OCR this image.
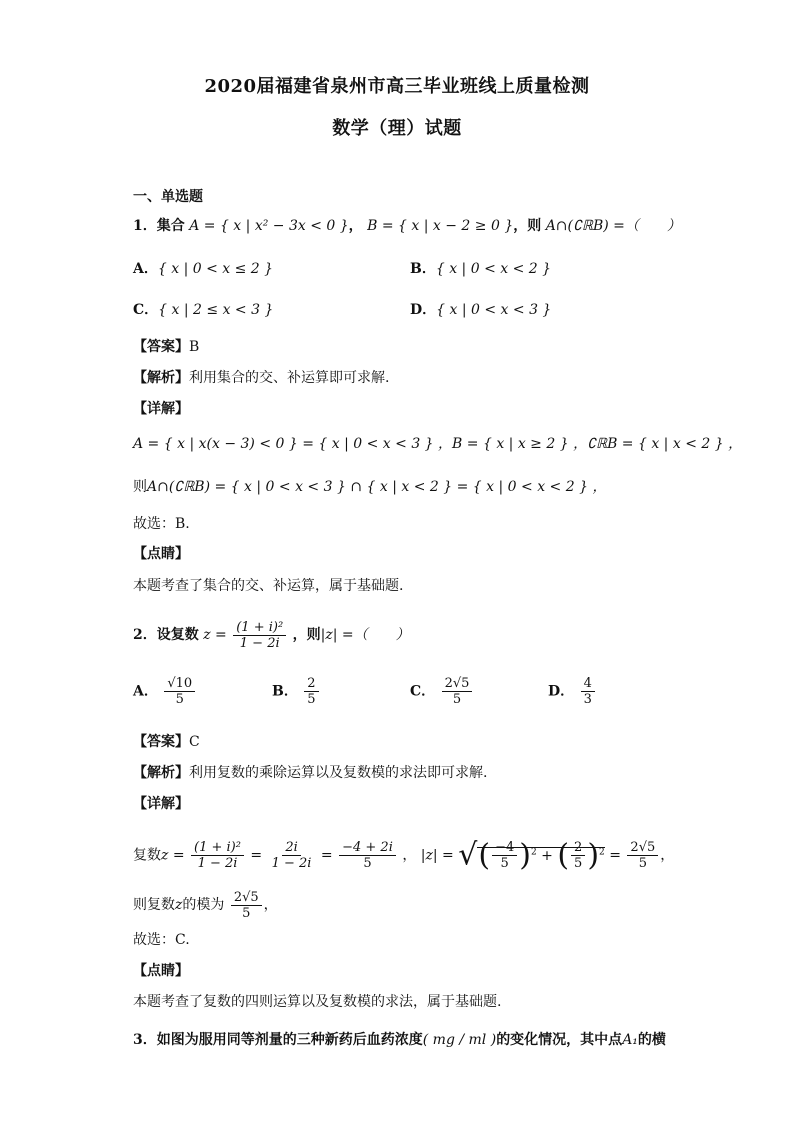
2020届福建省泉州市高三毕业班线上质量检测
数学（理）试题
一、单选题
1．集合 A = { x | x² − 3x < 0 }， B = { x | x − 2 ≥ 0 }，则 A∩(∁ℝB) =（　　）
A．{ x | 0 < x ≤ 2 }	B．{ x | 0 < x < 2 }
C．{ x | 2 ≤ x < 3 }	D．{ x | 0 < x < 3 }
【答案】B
【解析】利用集合的交、补运算即可求解.
【详解】
A = { x | x(x − 3) < 0 } = { x | 0 < x < 3 } ，B = { x | x ≥ 2 } ，∁ℝB = { x | x < 2 } ，
则A∩(∁ℝB) = { x | 0 < x < 3 } ∩ { x | x < 2 } = { x | 0 < x < 2 } ，
故选：B.
【点睛】
本题考查了集合的交、补运算，属于基础题.
2．设复数 $z = \frac{\text{(1 + i)²}}{1 - 2i}$ ，则|z| =（　　）
A． $\frac{√10}{5}$	B． $\frac{2}{5}$	C． $\frac{2√5}{5}$	D． $\frac{4}{3}$
【答案】C
【解析】利用复数的乘除运算以及复数模的求法即可求解.
【详解】
复数$z = \frac{\text{(1 + i)²}}{1 - 2i} = \frac{2i}{1 - 2i} = \frac{-4 + 2i}{5}$ ， |z| = √( $\frac{-4}{5} )^2$ + ( $\frac{2}{5} )^2 = \frac{2√5}{5}$ ，
则复数z的模为 $\frac{2√5}{5}$ ，
故选：C.
【点睛】
本题考查了复数的四则运算以及复数模的求法，属于基础题.
3．如图为服用同等剂量的三种新药后血药浓度( mg / ml )的变化情况，其中点A₁的横
